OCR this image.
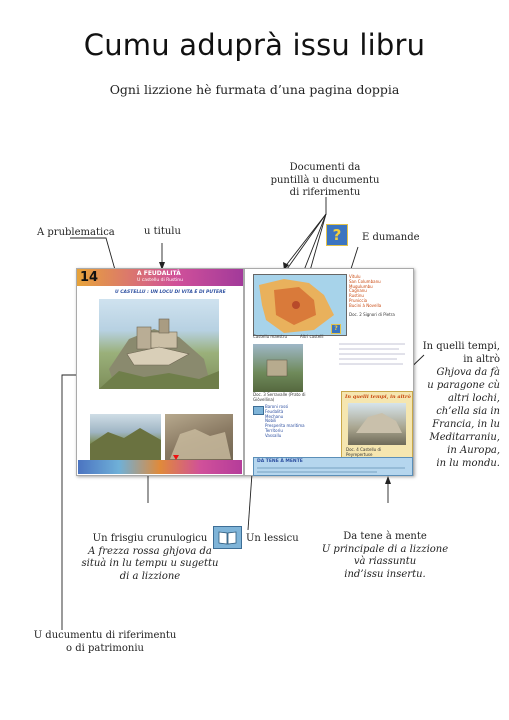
Cumu aduprà issu libru
Ogni lizzione hè furmata d’una pagina doppia
A prublematica	u titulu
Documenti da
puntillà u ducumentu
di riferimentu
?	E dumande
In quelli tempi,
in altrò
Ghjova da fà
u paragone cù
altri lochi,
ch’ella sia in
Francia, in lu
Meditarraniu,
in Auropa,
in lu mondu.
Un frisgiu crunulogicu
A frezza rossa ghjova da
situà in lu tempu u sugettu
di a lizzione
Un lessicu	Da tene à mente
U principale di a lizzione
và riassuntu
ind’issu insertu.
U ducumentu di riferimentu
o di patrimoniu
14	A FEUDALITÀ
U castellu di Rustinu
U CASTELLU : UN LOCU DI VITA È DI PUTERE
Vitulu
San Columbanu
Mugulumbu
Cagnanu
Rustinu
Pruniccia
Bucini à Novella
Doc. 2 Signori di Pietra
Castellu maestru	Altri castelli
?
Doc. 3 Serravalle (Prato di Giòvellina)
Baroni rossi
Feudalità
Mechanu
Nobili
Presperita maritima
Territoriu
Vassallu
In quelli tempi, in altrò
Doc. 4 Castellu di Peyrepertuse
DA TENE À MENTE
